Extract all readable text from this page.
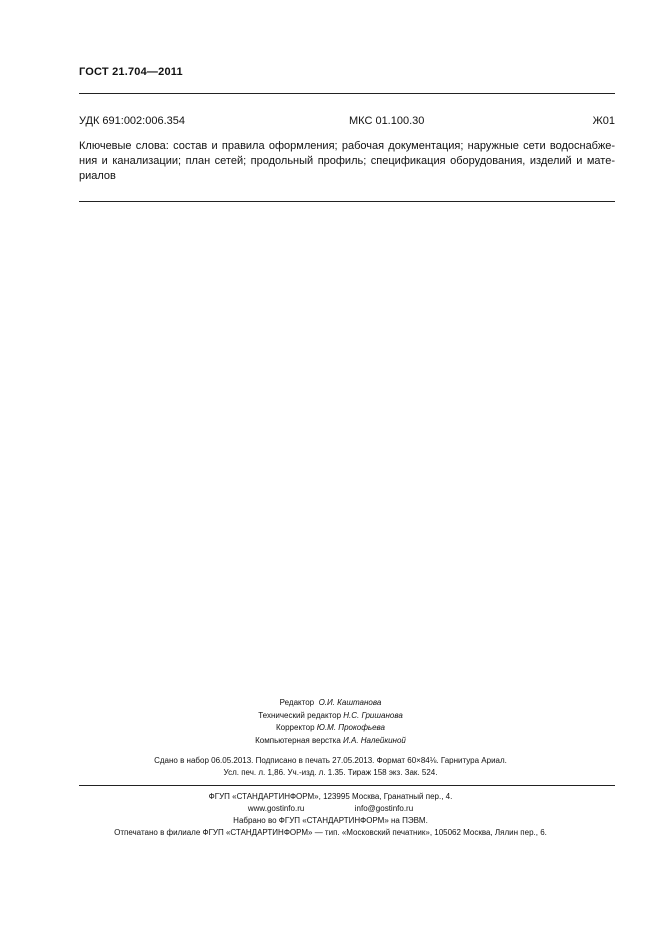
ГОСТ 21.704—2011
УДК 691:002:006.354	МКС 01.100.30	Ж01
Ключевые слова: состав и правила оформления; рабочая документация; наружные сети водоснабже-ния и канализации; план сетей; продольный профиль; спецификация оборудования, изделий и мате-риалов
Редактор О.И. Каштанова
Технический редактор Н.С. Гришанова
Корректор Ю.М. Прокофьева
Компьютерная верстка И.А. Налейкиной
Сдано в набор 06.05.2013. Подписано в печать 27.05.2013. Формат 60×84⅛. Гарнитура Ариал.
Усл. печ. л. 1,86. Уч.-изд. л. 1.35. Тираж 158 экз. Зак. 524.
ФГУП «СТАНДАРТИНФОРМ», 123995 Москва, Гранатный пер., 4.
www.gostinfo.ru	info@gostinfo.ru
Набрано во ФГУП «СТАНДАРТИНФОРМ» на ПЭВМ.
Отпечатано в филиале ФГУП «СТАНДАРТИНФОРМ» — тип. «Московский печатник», 105062 Москва, Лялин пер., 6.
